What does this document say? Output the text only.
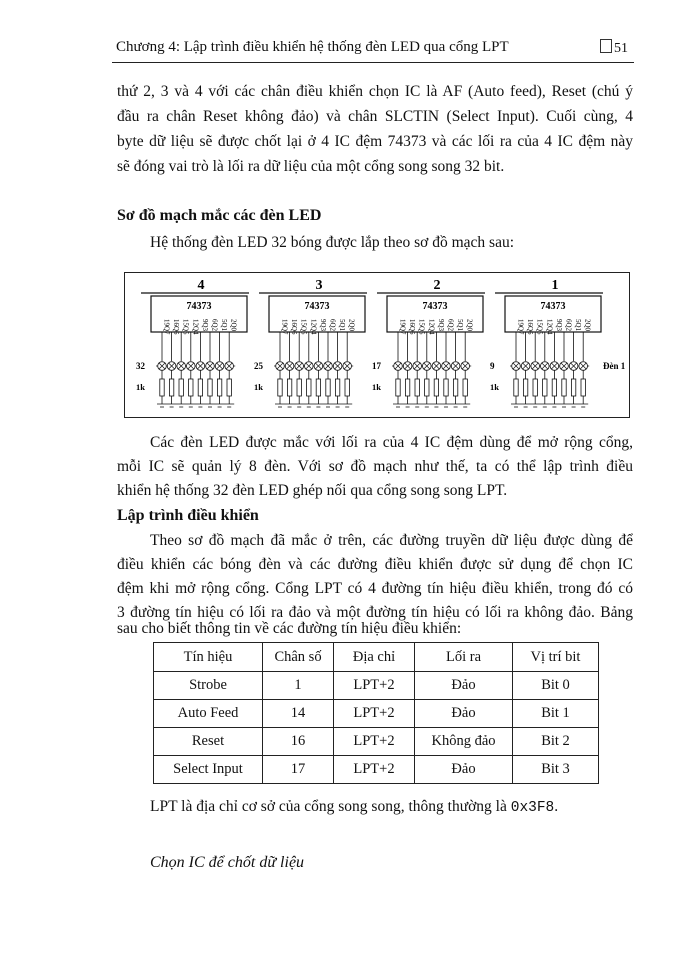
Chương 4: Lập trình điều khiển hệ thống đèn LED qua cổng LPT	51
thứ 2, 3 và 4 với các chân điều khiển chọn IC là AF (Auto feed), Reset (chú ý
đầu ra chân Reset không đảo) và chân SLCTIN (Select Input). Cuối cùng, 4
byte dữ liệu sẽ được chốt lại ở 4 IC đệm 74373 và các lối ra của 4 IC đệm này
sẽ đóng vai trò là lối ra dữ liệu của một cổng song song 32 bit.
Sơ đồ mạch mắc các đèn LED
Hệ thống đèn LED 32 bóng được lắp theo sơ đồ mạch sau:
4
74373
32
1k
19Q7 16Q6 15Q5 12Q4 9Q3 6Q2 5Q1 2Q0
3
74373
25
1k
19Q7 16Q6 15Q5 12Q4 9Q3 6Q2 5Q1 2Q0
2
74373
17
1k
19Q7 16Q6 15Q5 12Q4 9Q3 6Q2 5Q1 2Q0
1
74373
9
1k
19Q7 16Q6 15Q5 12Q4 9Q3 6Q2 5Q1 2Q0
Đèn 1
Các đèn LED được mắc với lối ra của 4 IC đệm dùng để mở rộng cổng,
mỗi IC sẽ quản lý 8 đèn. Với sơ đồ mạch như thế, ta có thể lập trình điều
khiển hệ thống 32 đèn LED ghép nối qua cổng song song LPT.
Lập trình điều khiển
Theo sơ đồ mạch đã mắc ở trên, các đường truyền dữ liệu được dùng để
điều khiển các bóng đèn và các đường điều khiển được sử dụng để chọn IC
đệm khi mở rộng cổng. Cổng LPT có 4 đường tín hiệu điều khiển, trong đó có
3 đường tín hiệu có lối ra đảo và một đường tín hiệu có lối ra không đảo. Bảng
sau cho biết thông tin về các đường tín hiệu điều khiển:
Tín hiệu	Chân số	Địa chỉ	Lối ra	Vị trí bit
Strobe	1	LPT+2	Đảo	Bit 0
Auto Feed	14	LPT+2	Đảo	Bit 1
Reset	16	LPT+2	Không đảo	Bit 2
Select Input	17	LPT+2	Đảo	Bit 3
LPT là địa chỉ cơ sở của cổng song song, thông thường là 0x3F8.
Chọn IC để chốt dữ liệu
